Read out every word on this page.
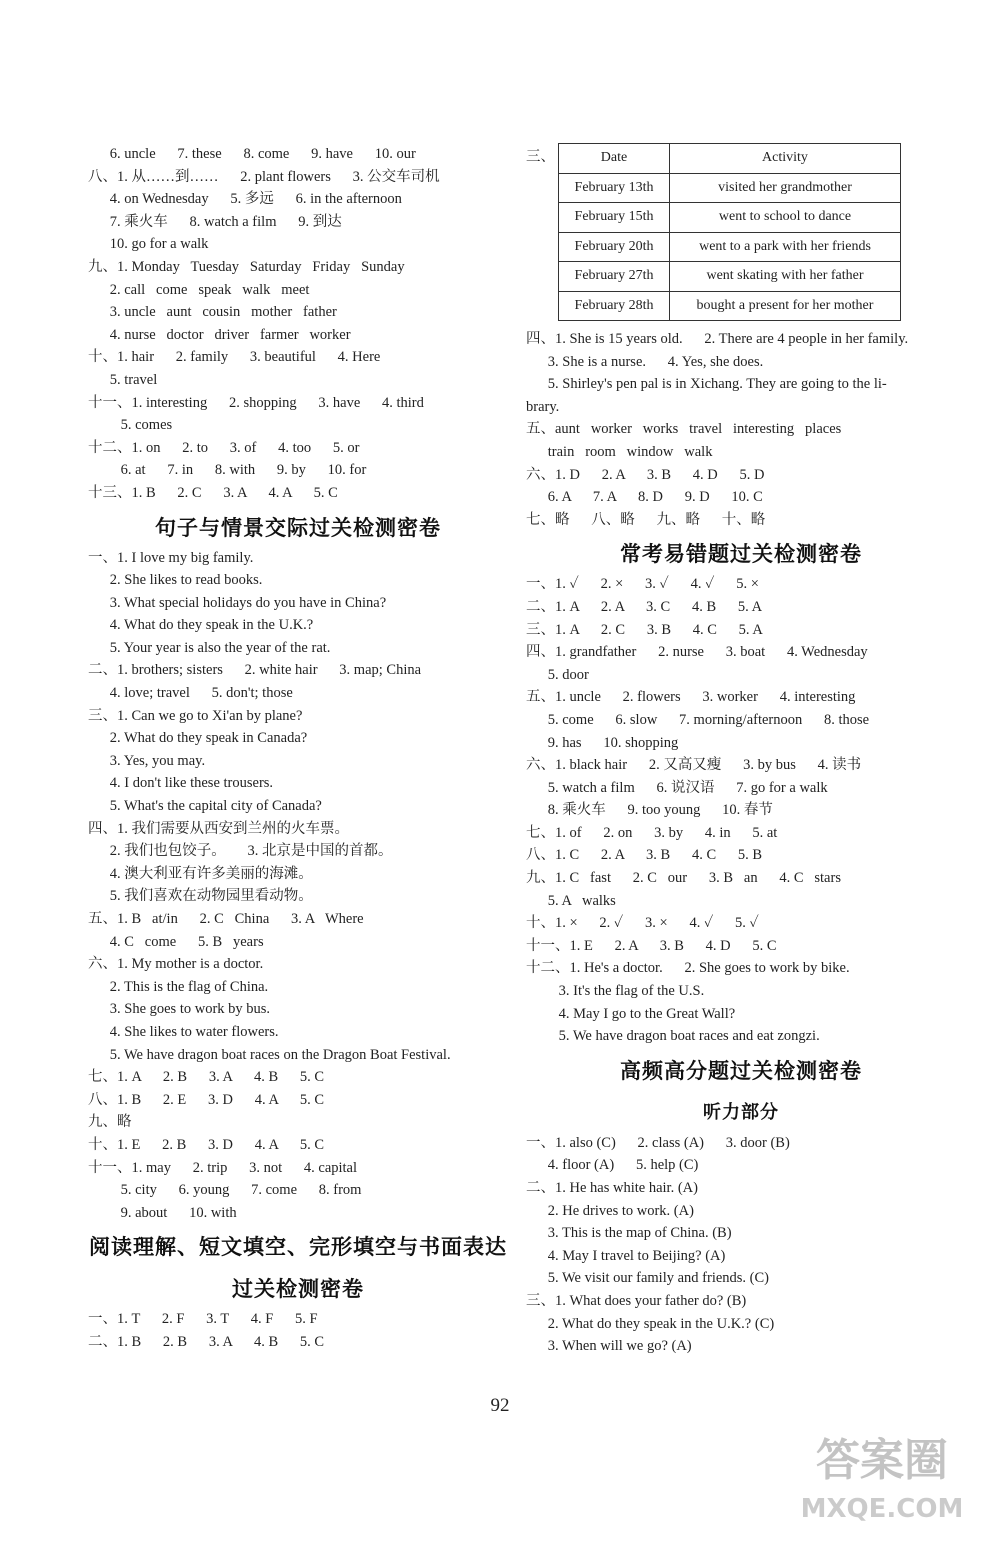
6. uncle      7. these      8. come      9. have      10. our
八、1. 从……到……      2. plant flowers      3. 公交车司机
4. on Wednesday      5. 多远      6. in the afternoon
7. 乘火车      8. watch a film      9. 到达
10. go for a walk
九、1. Monday   Tuesday   Saturday   Friday   Sunday
2. call   come   speak   walk   meet
3. uncle   aunt   cousin   mother   father
4. nurse   doctor   driver   farmer   worker
十、1. hair      2. family      3. beautiful      4. Here
5. travel
十一、1. interesting      2. shopping      3. have      4. third
5. comes
十二、1. on      2. to      3. of      4. too      5. or
6. at      7. in      8. with      9. by      10. for
十三、1. B      2. C      3. A      4. A      5. C
句子与情景交际过关检测密卷
一、1. I love my big family.
2. She likes to read books.
3. What special holidays do you have in China?
4. What do they speak in the U.K.?
5. Your year is also the year of the rat.
二、1. brothers; sisters      2. white hair      3. map; China
4. love; travel      5. don't; those
三、1. Can we go to Xi'an by plane?
2. What do they speak in Canada?
3. Yes, you may.
4. I don't like these trousers.
5. What's the capital city of Canada?
四、1. 我们需要从西安到兰州的火车票。
2. 我们也包饺子。      3. 北京是中国的首都。
4. 澳大利亚有许多美丽的海滩。
5. 我们喜欢在动物园里看动物。
五、1. B   at/in      2. C   China      3. A   Where
4. C   come      5. B   years
六、1. My mother is a doctor.
2. This is the flag of China.
3. She goes to work by bus.
4. She likes to water flowers.
5. We have dragon boat races on the Dragon Boat Festival.
七、1. A      2. B      3. A      4. B      5. C
八、1. B      2. E      3. D      4. A      5. C
九、略
十、1. E      2. B      3. D      4. A      5. C
十一、1. may      2. trip      3. not      4. capital
5. city      6. young      7. come      8. from
9. about      10. with
阅读理解、短文填空、完形填空与书面表达
过关检测密卷
一、1. T      2. F      3. T      4. F      5. F
二、1. B      2. B      3. A      4. B      5. C
三、	Date	Activity
February 13th	visited her grandmother
February 15th	went to school to dance
February 20th	went to a park with her friends
February 27th	went skating with her father
February 28th	bought a present for her mother
四、1. She is 15 years old.      2. There are 4 people in her family.
3. She is a nurse.      4. Yes, she does.
5. Shirley's pen pal is in Xichang. They are going to the li-
brary.
五、aunt   worker   works   travel   interesting   places
train   room   window   walk
六、1. D      2. A      3. B      4. D      5. D
6. A      7. A      8. D      9. D      10. C
七、略      八、略      九、略      十、略
常考易错题过关检测密卷
一、1. ✓      2. ×      3. ✓      4. ✓      5. ×
二、1. A      2. A      3. C      4. B      5. A
三、1. A      2. C      3. B      4. C      5. A
四、1. grandfather      2. nurse      3. boat      4. Wednesday
5. door
五、1. uncle      2. flowers      3. worker      4. interesting
5. come      6. slow      7. morning/afternoon      8. those
9. has      10. shopping
六、1. black hair      2. 又高又瘦      3. by bus      4. 读书
5. watch a film      6. 说汉语      7. go for a walk
8. 乘火车      9. too young      10. 春节
七、1. of      2. on      3. by      4. in      5. at
八、1. C      2. A      3. B      4. C      5. B
九、1. C   fast      2. C   our      3. B   an      4. C   stars
5. A   walks
十、1. ×      2. ✓      3. ×      4. ✓      5. ✓
十一、1. E      2. A      3. B      4. D      5. C
十二、1. He's a doctor.      2. She goes to work by bike.
3. It's the flag of the U.S.
4. May I go to the Great Wall?
5. We have dragon boat races and eat zongzi.
高频高分题过关检测密卷
听力部分
一、1. also (C)      2. class (A)      3. door (B)
4. floor (A)      5. help (C)
二、1. He has white hair. (A)
2. He drives to work. (A)
3. This is the map of China. (B)
4. May I travel to Beijing? (A)
5. We visit our family and friends. (C)
三、1. What does your father do? (B)
2. What do they speak in the U.K.? (C)
3. When will we go? (A)
92
答案圈
MXQE.COM
